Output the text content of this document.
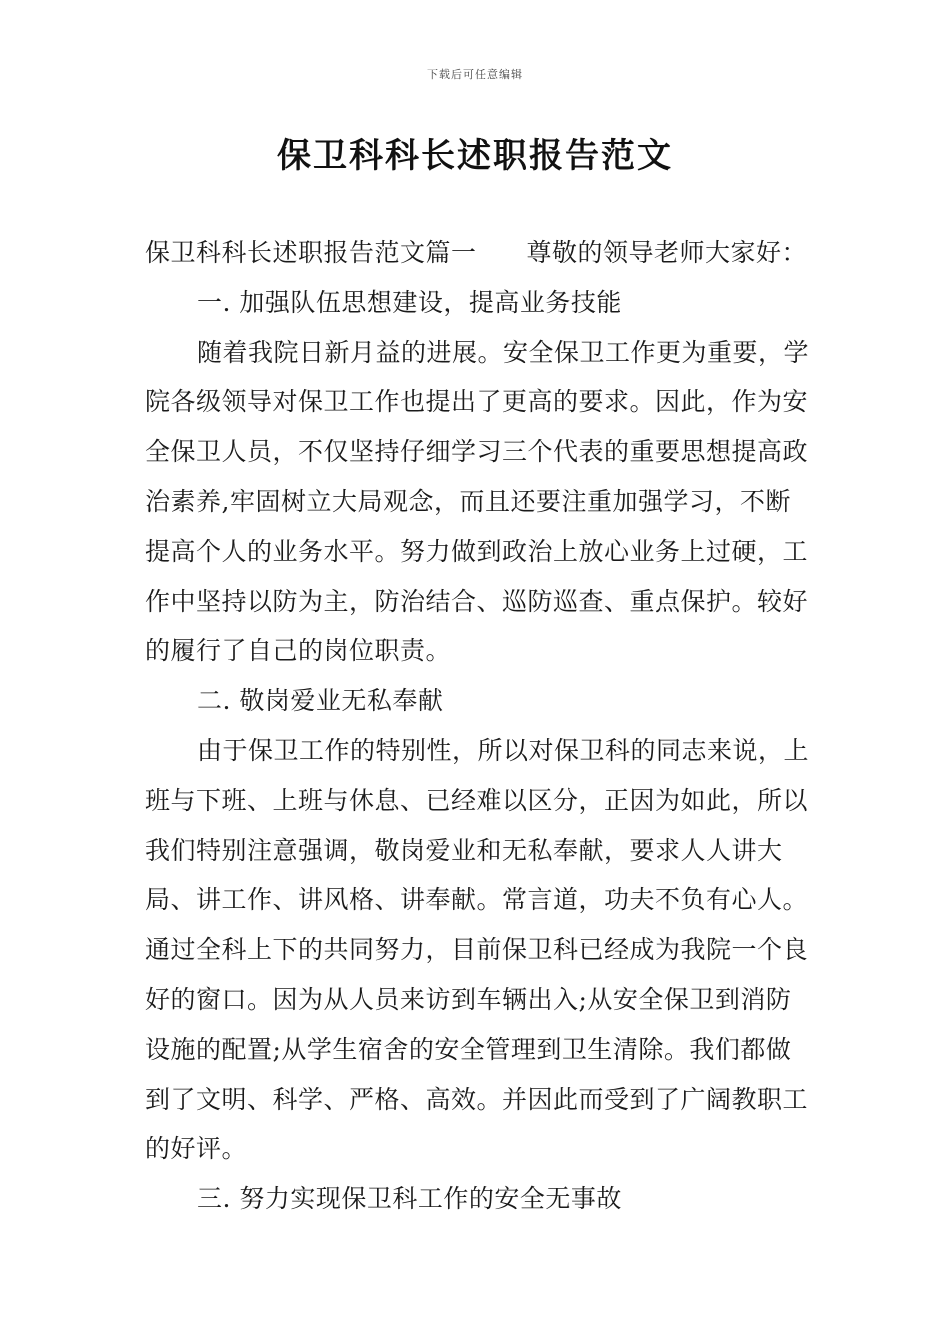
下载后可任意编辑
保卫科科长述职报告范文

保卫科科长述职报告范文篇一 尊敬的领导老师大家好：

一. 加强队伍思想建设，提高业务技能

随着我院日新月益的进展。安全保卫工作更为重要，学院各级领导对保卫工作也提出了更高的要求。因此，作为安全保卫人员，不仅坚持仔细学习三个代表的重要思想提高政治素养,牢固树立大局观念，而且还要注重加强学习，不断提高个人的业务水平。努力做到政治上放心业务上过硬，工作中坚持以防为主，防治结合、巡防巡查、重点保护。较好的履行了自己的岗位职责。

二. 敬岗爱业无私奉献

由于保卫工作的特别性，所以对保卫科的同志来说，上班与下班、上班与休息、已经难以区分，正因为如此，所以我们特别注意强调，敬岗爱业和无私奉献，要求人人讲大局、讲工作、讲风格、讲奉献。常言道，功夫不负有心人。通过全科上下的共同努力，目前保卫科已经成为我院一个良好的窗口。因为从人员来访到车辆出入;从安全保卫到消防设施的配置;从学生宿舍的安全管理到卫生清除。我们都做到了文明、科学、严格、高效。并因此而受到了广阔教职工的好评。

三. 努力实现保卫科工作的安全无事故
